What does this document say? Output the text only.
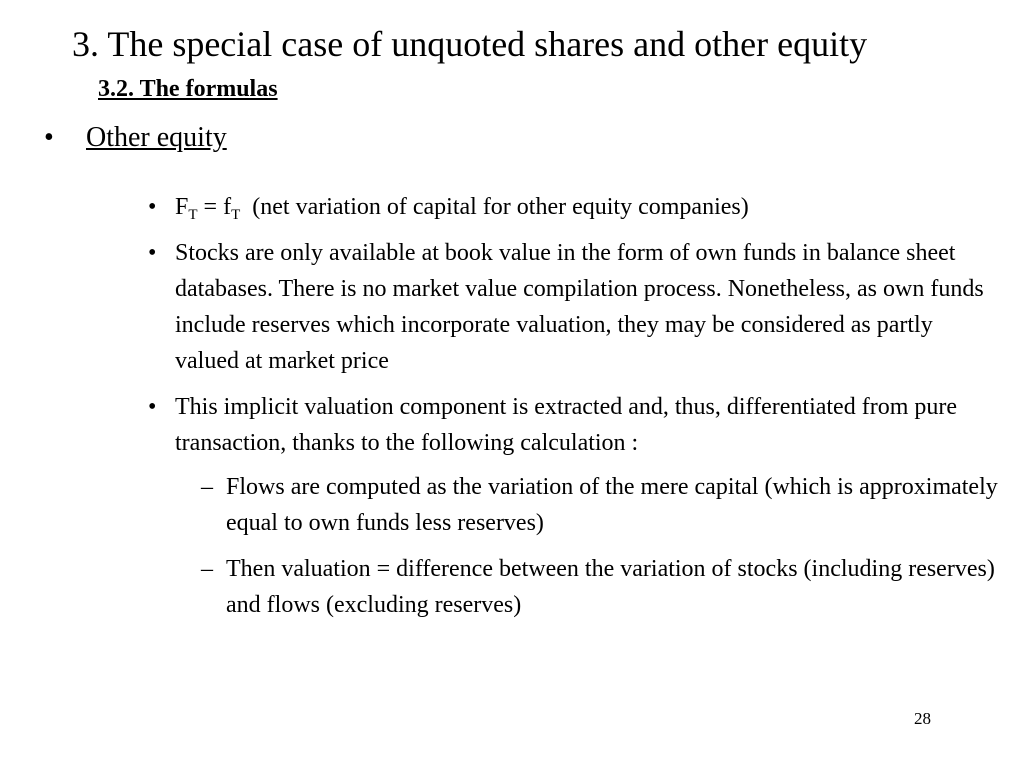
3. The special case of unquoted shares and other equity
3.2. The formulas
• Other equity
• $F_T = f_T$ (net variation of capital for other equity companies)
• Stocks are only available at book value in the form of own funds in balance sheet databases. There is no market value compilation process. Nonetheless, as own funds include reserves which incorporate valuation, they may be considered as partly valued at market price
• This implicit valuation component is extracted and, thus, differentiated from pure transaction, thanks to the following calculation :
– Flows are computed as the variation of the mere capital (which is approximately equal to own funds less reserves)
– Then valuation = difference between the variation of stocks (including reserves) and flows (excluding reserves)
28
